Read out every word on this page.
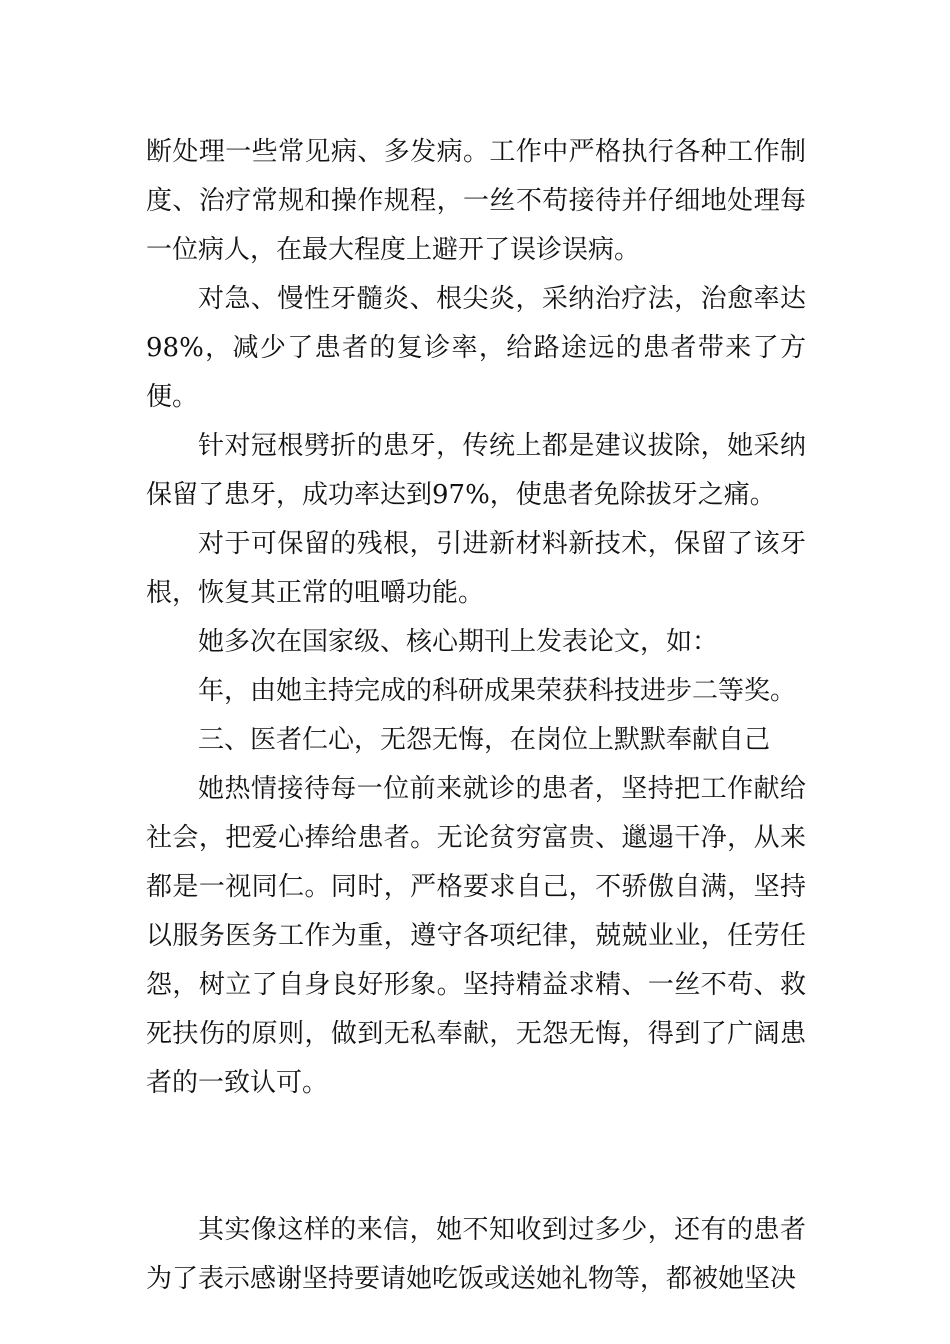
断处理一些常见病、多发病。工作中严格执行各种工作制度、治疗常规和操作规程，一丝不苟接待并仔细地处理每一位病人，在最大程度上避开了误诊误病。

对急、慢性牙髓炎、根尖炎，采纳治疗法，治愈率达98%，减少了患者的复诊率，给路途远的患者带来了方便。

针对冠根劈折的患牙，传统上都是建议拔除，她采纳保留了患牙，成功率达到97%，使患者免除拔牙之痛。

对于可保留的残根，引进新材料新技术，保留了该牙根，恢复其正常的咀嚼功能。

她多次在国家级、核心期刊上发表论文，如：

年，由她主持完成的科研成果荣获科技进步二等奖。

三、医者仁心，无怨无悔，在岗位上默默奉献自己

她热情接待每一位前来就诊的患者，坚持把工作献给社会，把爱心捧给患者。无论贫穷富贵、邋遢干净，从来都是一视同仁。同时，严格要求自己，不骄傲自满，坚持以服务医务工作为重，遵守各项纪律，兢兢业业，任劳任怨，树立了自身良好形象。坚持精益求精、一丝不苟、救死扶伤的原则，做到无私奉献，无怨无悔，得到了广阔患者的一致认可。

其实像这样的来信，她不知收到过多少，还有的患者为了表示感谢坚持要请她吃饭或送她礼物等，都被她坚决
